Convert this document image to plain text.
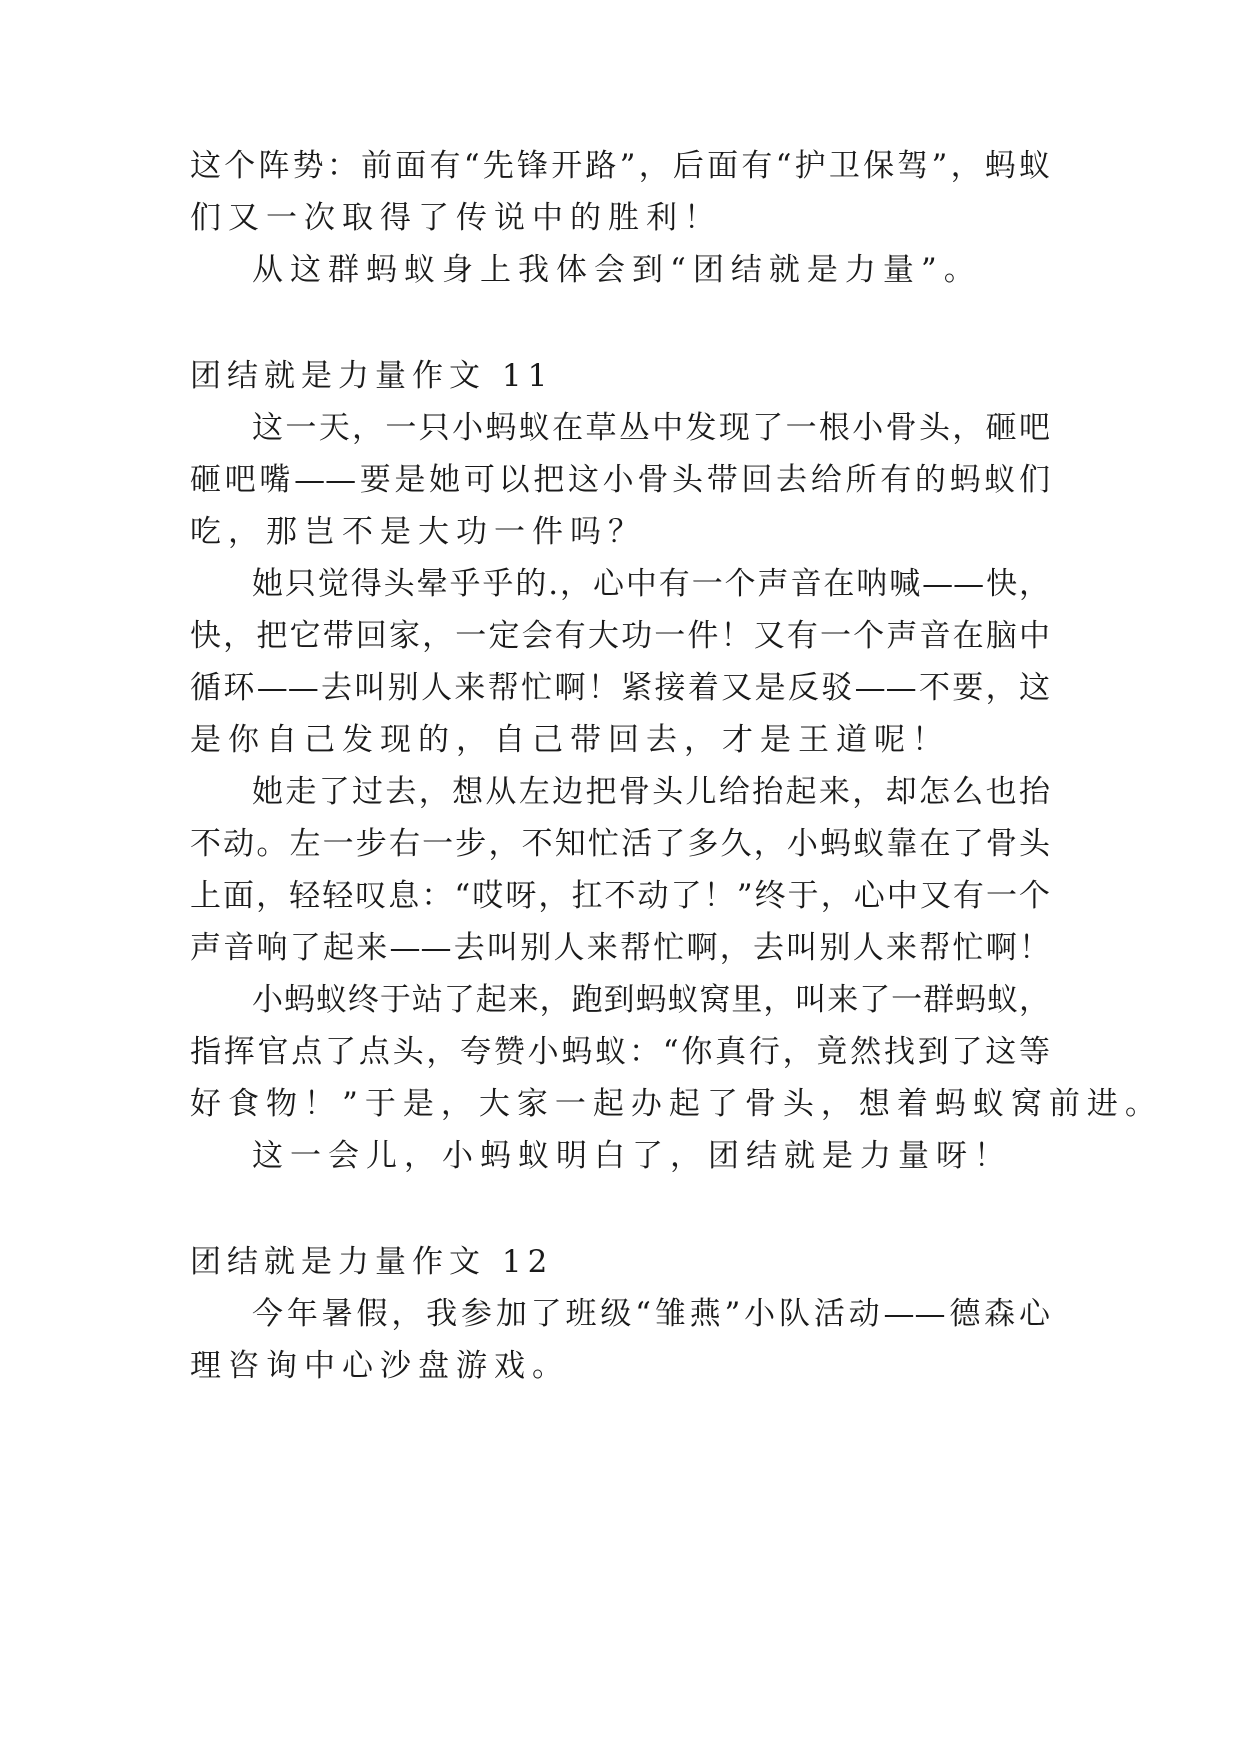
这个阵势：前面有“先锋开路”，后面有“护卫保驾”，蚂蚁

们又一次取得了传说中的胜利！

从这群蚂蚁身上我体会到“团结就是力量”。

团结就是力量作文 11

这一天，一只小蚂蚁在草丛中发现了一根小骨头，砸吧

砸吧嘴——要是她可以把这小骨头带回去给所有的蚂蚁们

吃，那岂不是大功一件吗？

她只觉得头晕乎乎的.，心中有一个声音在呐喊——快，

快，把它带回家，一定会有大功一件！又有一个声音在脑中

循环——去叫别人来帮忙啊！紧接着又是反驳——不要，这

是你自己发现的，自己带回去，才是王道呢！

她走了过去，想从左边把骨头儿给抬起来，却怎么也抬

不动。左一步右一步，不知忙活了多久，小蚂蚁靠在了骨头

上面，轻轻叹息：“哎呀，扛不动了！”终于，心中又有一个

声音响了起来——去叫别人来帮忙啊，去叫别人来帮忙啊！

小蚂蚁终于站了起来，跑到蚂蚁窝里，叫来了一群蚂蚁，

指挥官点了点头，夸赞小蚂蚁：“你真行，竟然找到了这等

好食物！”于是，大家一起办起了骨头，想着蚂蚁窝前进。

这一会儿，小蚂蚁明白了，团结就是力量呀！

团结就是力量作文 12

今年暑假，我参加了班级“雏燕”小队活动——德森心

理咨询中心沙盘游戏。
